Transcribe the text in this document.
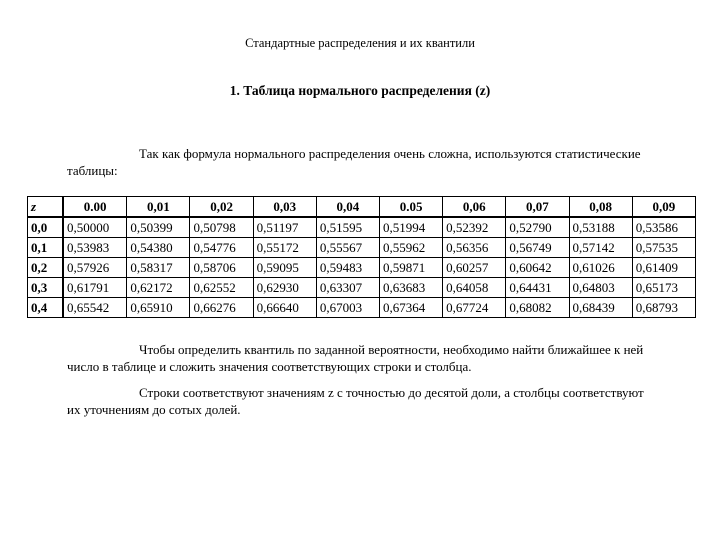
Стандартные распределения и их квантили
1. Таблица нормального распределения (z)
Так как формула нормального распределения очень сложна, используются статистические таблицы:
z	0.00	0,01	0,02	0,03	0,04	0.05	0,06	0,07	0,08	0,09
0,0	0,50000	0,50399	0,50798	0,51197	0,51595	0,51994	0,52392	0,52790	0,53188	0,53586
0,1	0,53983	0,54380	0,54776	0,55172	0,55567	0,55962	0,56356	0,56749	0,57142	0,57535
0,2	0,57926	0,58317	0,58706	0,59095	0,59483	0,59871	0,60257	0,60642	0,61026	0,61409
0,3	0,61791	0,62172	0,62552	0,62930	0,63307	0,63683	0,64058	0,64431	0,64803	0,65173
0,4	0,65542	0,65910	0,66276	0,66640	0,67003	0,67364	0,67724	0,68082	0,68439	0,68793
Чтобы определить квантиль по заданной вероятности, необходимо найти ближайшее к ней число в таблице и сложить значения соответствующих строки и столбца.
Строки соответствуют значениям z с точностью до десятой доли, а столбцы соответствуют их уточнениям до сотых долей.
